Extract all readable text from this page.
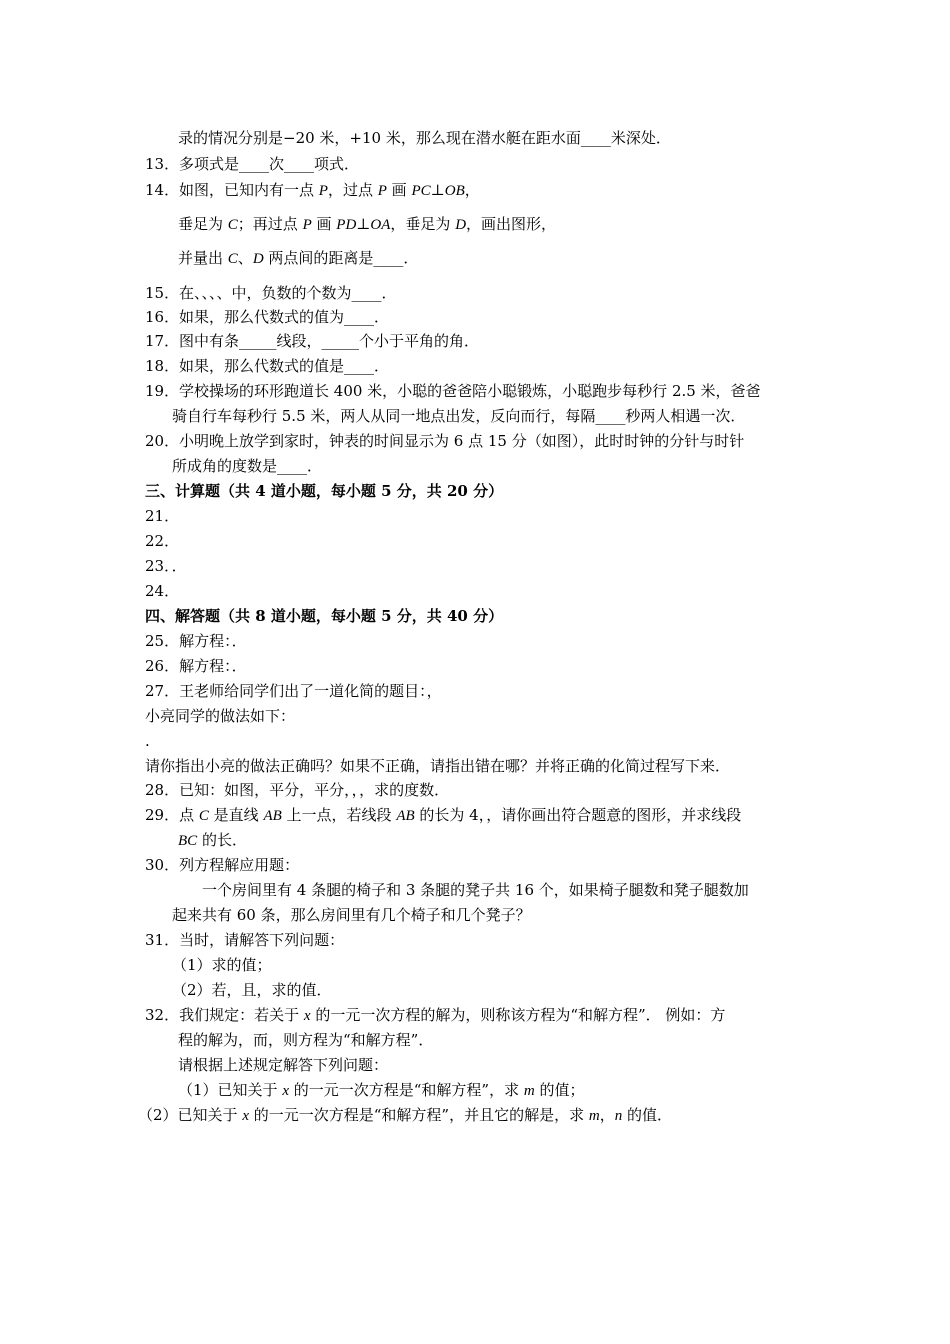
录的情况分别是−20 米，+10 米，那么现在潜水艇在距水面____米深处．
13．多项式是____次____项式．
14．如图，已知内有一点 P，过点 P 画 PC⊥OB，
垂足为 C；再过点 P 画 PD⊥OA，垂足为 D，画出图形，
并量出 C、D 两点间的距离是____．
15．在、、、、中，负数的个数为____．
16．如果，那么代数式的值为____．
17．图中有条_____线段，_____个小于平角的角．
18．如果，那么代数式的值是____．
19．学校操场的环形跑道长 400 米，小聪的爸爸陪小聪锻炼，小聪跑步每秒行 2.5 米，爸爸
骑自行车每秒行 5.5 米，两人从同一地点出发，反向而行，每隔____秒两人相遇一次．
20．小明晚上放学到家时，钟表的时间显示为 6 点 15 分（如图），此时时钟的分针与时针
所成角的度数是____．
三、计算题（共 4 道小题，每小题 5 分，共 20 分）
21．
22．
23．．
24．
四、解答题（共 8 道小题，每小题 5 分，共 40 分）
25．解方程：．
26．解方程：．
27．王老师给同学们出了一道化简的题目：，
小亮同学的做法如下：
.
请你指出小亮的做法正确吗？如果不正确，请指出错在哪？并将正确的化简过程写下来．
28．已知：如图，平分，平分，，，求的度数．
29．点 C 是直线 AB 上一点，若线段 AB 的长为 4，，请你画出符合题意的图形，并求线段
BC 的长．
30．列方程解应用题：
一个房间里有 4 条腿的椅子和 3 条腿的凳子共 16 个，如果椅子腿数和凳子腿数加
起来共有 60 条，那么房间里有几个椅子和几个凳子？
31．当时，请解答下列问题：
（1）求的值；
（2）若，且，求的值．
32．我们规定：若关于 x 的一元一次方程的解为，则称该方程为“和解方程”． 例如：方
程的解为，而，则方程为“和解方程”．
请根据上述规定解答下列问题：
（1）已知关于 x 的一元一次方程是“和解方程”，求 m 的值；
（2）已知关于 x 的一元一次方程是“和解方程”，并且它的解是，求 m，n 的值．
